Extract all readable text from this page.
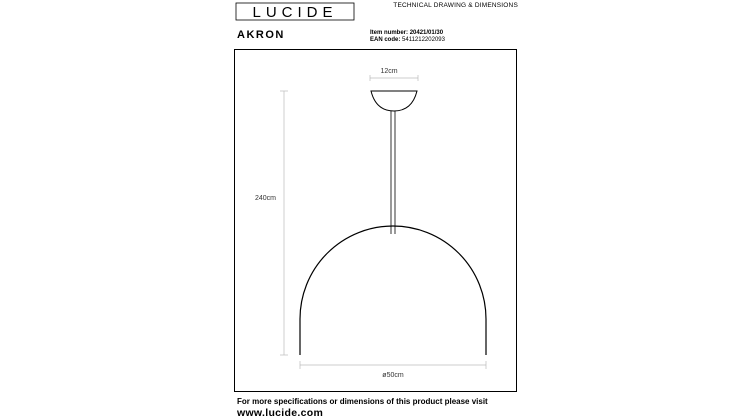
LUCIDE	TECHNICAL DRAWING & DIMENSIONS
AKRON	Item number: 20421/01/30
EAN code: 5411212202093
12cm
240cm
ø50cm
For more specifications or dimensions of this product please visit
www.lucide.com
